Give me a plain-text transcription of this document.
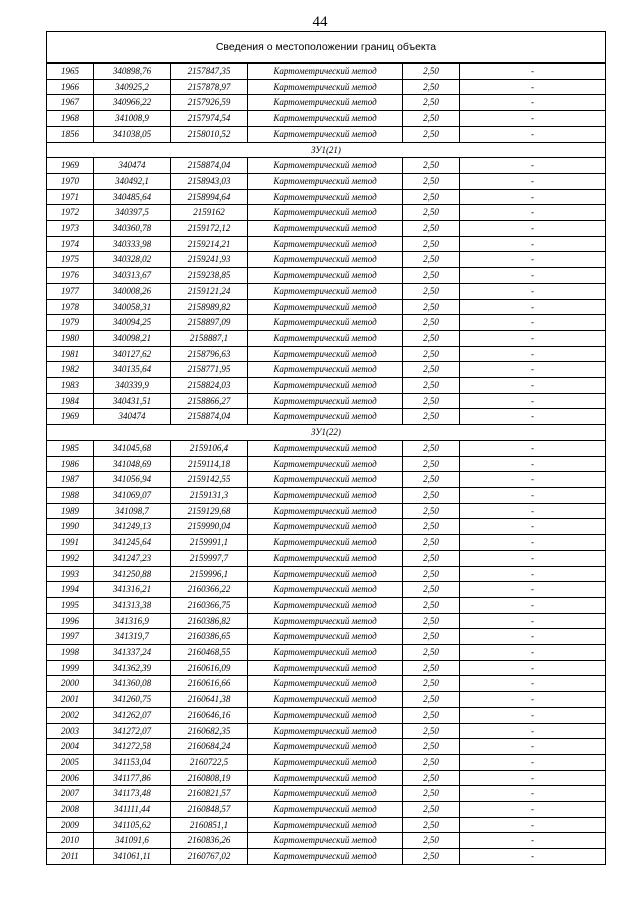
44
Сведения о местоположении границ объекта
1965	340898,76	2157847,35	Картометрический метод	2,50	-
1966	340925,2	2157878,97	Картометрический метод	2,50	-
1967	340966,22	2157926,59	Картометрический метод	2,50	-
1968	341008,9	2157974,54	Картометрический метод	2,50	-
1856	341038,05	2158010,52	Картометрический метод	2,50	-
ЗУ1(21)					
1969	340474	2158874,04	Картометрический метод	2,50	-
1970	340492,1	2158943,03	Картометрический метод	2,50	-
1971	340485,64	2158994,64	Картометрический метод	2,50	-
1972	340397,5	2159162	Картометрический метод	2,50	-
1973	340360,78	2159172,12	Картометрический метод	2,50	-
1974	340333,98	2159214,21	Картометрический метод	2,50	-
1975	340328,02	2159241,93	Картометрический метод	2,50	-
1976	340313,67	2159238,85	Картометрический метод	2,50	-
1977	340008,26	2159121,24	Картометрический метод	2,50	-
1978	340058,31	2158989,82	Картометрический метод	2,50	-
1979	340094,25	2158897,09	Картометрический метод	2,50	-
1980	340098,21	2158887,1	Картометрический метод	2,50	-
1981	340127,62	2158796,63	Картометрический метод	2,50	-
1982	340135,64	2158771,95	Картометрический метод	2,50	-
1983	340339,9	2158824,03	Картометрический метод	2,50	-
1984	340431,51	2158866,27	Картометрический метод	2,50	-
1969	340474	2158874,04	Картометрический метод	2,50	-
ЗУ1(22)					
1985	341045,68	2159106,4	Картометрический метод	2,50	-
1986	341048,69	2159114,18	Картометрический метод	2,50	-
1987	341056,94	2159142,55	Картометрический метод	2,50	-
1988	341069,07	2159131,3	Картометрический метод	2,50	-
1989	341098,7	2159129,68	Картометрический метод	2,50	-
1990	341249,13	2159990,04	Картометрический метод	2,50	-
1991	341245,64	2159991,1	Картометрический метод	2,50	-
1992	341247,23	2159997,7	Картометрический метод	2,50	-
1993	341250,88	2159996,1	Картометрический метод	2,50	-
1994	341316,21	2160366,22	Картометрический метод	2,50	-
1995	341313,38	2160366,75	Картометрический метод	2,50	-
1996	341316,9	2160386,82	Картометрический метод	2,50	-
1997	341319,7	2160386,65	Картометрический метод	2,50	-
1998	341337,24	2160468,55	Картометрический метод	2,50	-
1999	341362,39	2160616,09	Картометрический метод	2,50	-
2000	341360,08	2160616,66	Картометрический метод	2,50	-
2001	341260,75	2160641,38	Картометрический метод	2,50	-
2002	341262,07	2160646,16	Картометрический метод	2,50	-
2003	341272,07	2160682,35	Картометрический метод	2,50	-
2004	341272,58	2160684,24	Картометрический метод	2,50	-
2005	341153,04	2160722,5	Картометрический метод	2,50	-
2006	341177,86	2160808,19	Картометрический метод	2,50	-
2007	341173,48	2160821,57	Картометрический метод	2,50	-
2008	341111,44	2160848,57	Картометрический метод	2,50	-
2009	341105,62	2160851,1	Картометрический метод	2,50	-
2010	341091,6	2160836,26	Картометрический метод	2,50	-
2011	341061,11	2160767,02	Картометрический метод	2,50	-
